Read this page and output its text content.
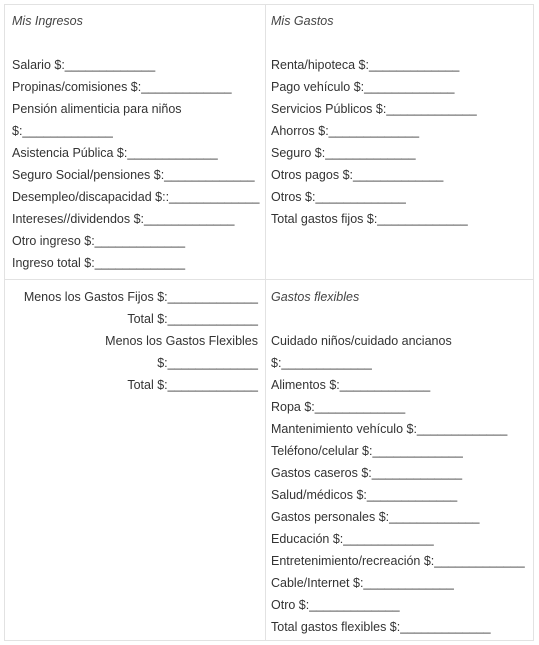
Mis Ingresos
Salario $:_____________
Propinas/comisiones $:_____________
Pensión alimenticia para niños
$:_____________
Asistencia Pública $:_____________
Seguro Social/pensiones $:_____________
Desempleo/discapacidad $::_____________
Intereses//dividendos $:_____________
Otro ingreso $:_____________
Ingreso total $:_____________
Mis Gastos
Renta/hipoteca $:_____________
Pago vehículo $:_____________
Servicios Públicos $:_____________
Ahorros $:_____________
Seguro $:_____________
Otros pagos $:_____________
Otros $:_____________
Total gastos fijos $:_____________
Menos los Gastos Fijos $:_____________
Total $:_____________
Menos los Gastos Flexibles
$:_____________
Total $:_____________
Gastos flexibles
Cuidado niños/cuidado ancianos
$:_____________
Alimentos $:_____________
Ropa $:_____________
Mantenimiento vehículo $:_____________
Teléfono/celular $:_____________
Gastos caseros $:_____________
Salud/médicos $:_____________
Gastos personales $:_____________
Educación $:_____________
Entretenimiento/recreación $:_____________
Cable/Internet $:_____________
Otro $:_____________
Total gastos flexibles $:_____________
